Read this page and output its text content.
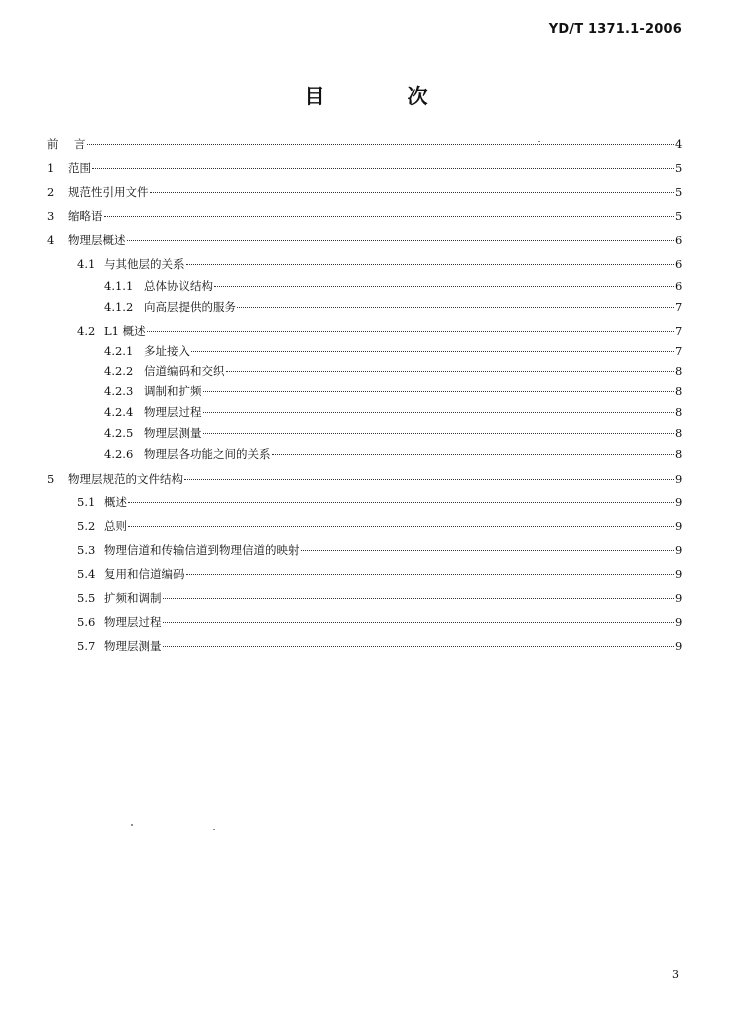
YD/T 1371.1-2006
目 次
前	言	4
1	范围	5
2	规范性引用文件	5
3	缩略语	5
4	物理层概述	6
4.1 与其他层的关系	6
4.1.1 总体协议结构	6
4.1.2 向高层提供的服务	7
4.2 L1 概述	7
4.2.1 多址接入	7
4.2.2 信道编码和交织	8
4.2.3 调制和扩频	8
4.2.4 物理层过程	8
4.2.5 物理层测量	8
4.2.6 物理层各功能之间的关系	8
5	物理层规范的文件结构	9
5.1 概述	9
5.2 总则	9
5.3 物理信道和传输信道到物理信道的映射	9
5.4 复用和信道编码	9
5.5 扩频和调制	9
5.6 物理层过程	9
5.7 物理层测量	9
3
